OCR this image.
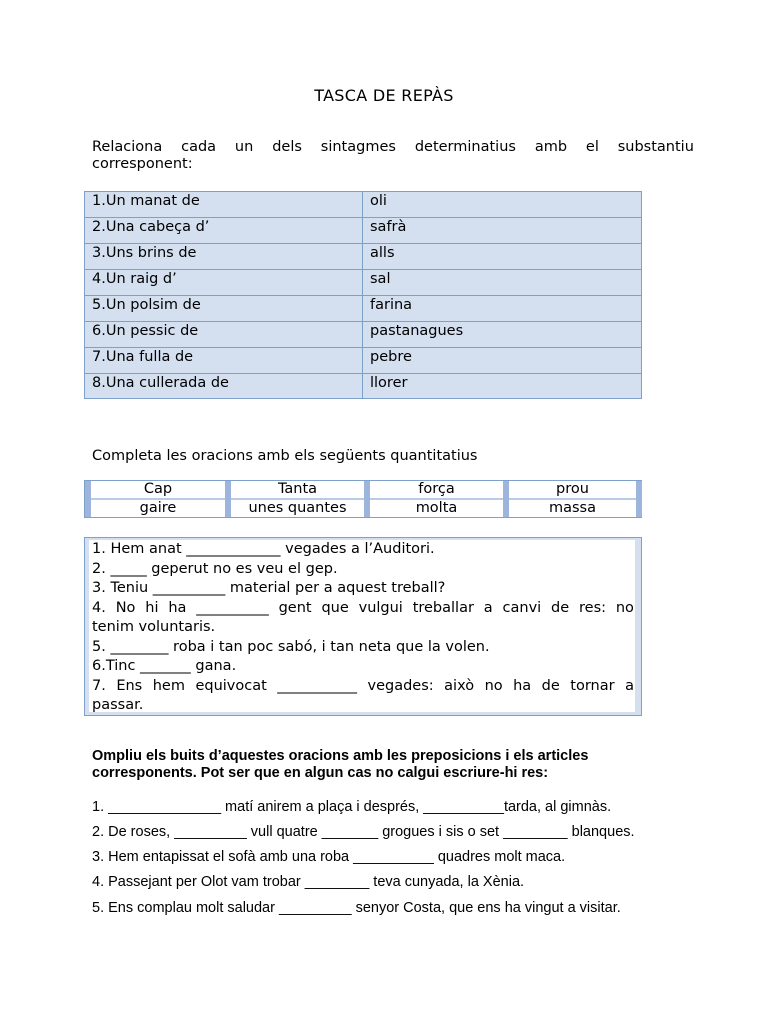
TASCA DE REPÀS
Relaciona cada un dels sintagmes determinatius amb el substantiu
corresponent:
1.Un manat de	oli
2.Una cabeça d’	safrà
3.Uns brins de	alls
4.Un raig d’	sal
5.Un polsim de	farina
6.Un pessic de	pastanagues
7.Una fulla de	pebre
8.Una cullerada de	llorer
Completa les oracions amb els següents quantitatius
Cap	Tanta	força	prou
gaire	unes quantes	molta	massa
1. Hem anat _____________ vegades a l’Auditori.
2. _____ geperut no es veu el gep.
3. Teniu __________ material per a aquest treball?
4. No hi ha __________ gent que vulgui treballar a canvi de res: no
tenim voluntaris.
5. ________ roba i tan poc sabó, i tan neta que la volen.
6.Tinc _______ gana.
7. Ens hem equivocat ___________ vegades: això no ha de tornar a
passar.
Ompliu els buits d’aquestes oracions amb les preposicions i els articles corresponents. Pot ser que en algun cas no calgui escriure-hi res:
1. ______________ matí anirem a plaça i després, __________tarda, al gimnàs.
2. De roses, _________ vull quatre _______ grogues i sis o set ________ blanques.
3. Hem entapissat el sofà amb una roba __________ quadres molt maca.
4. Passejant per Olot vam trobar ________ teva cunyada, la Xènia.
5. Ens complau molt saludar _________ senyor Costa, que ens ha vingut a visitar.
